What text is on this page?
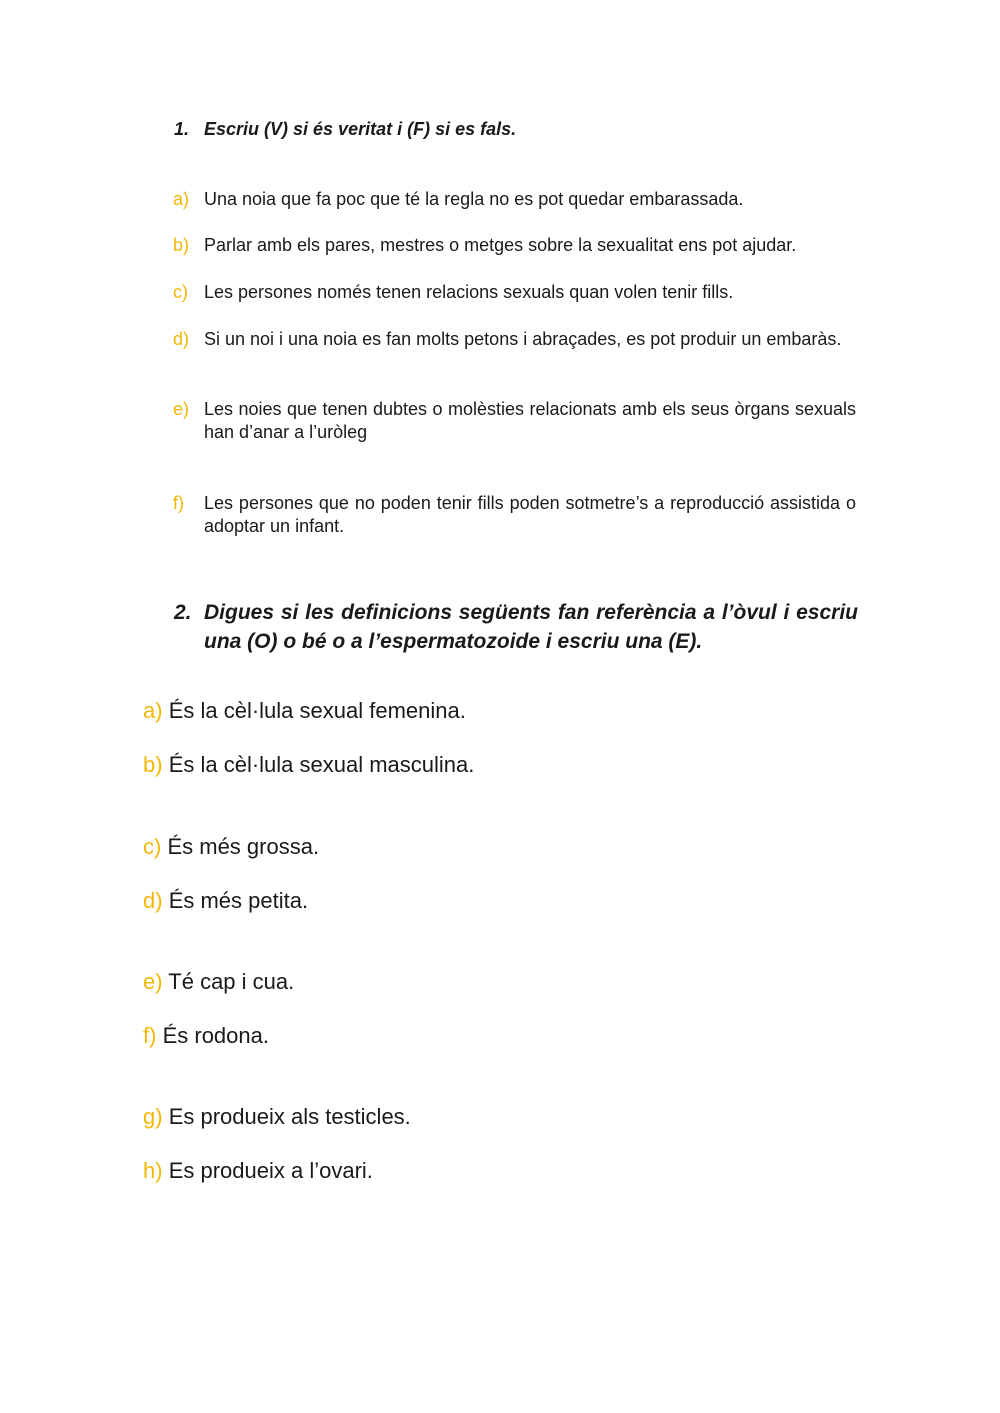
1. Escriu (V) si és veritat i (F) si es fals.
a) Una noia que fa poc que té la regla no es pot quedar embarassada.
b) Parlar amb els pares, mestres o metges sobre la sexualitat ens pot ajudar.
c) Les persones només tenen relacions sexuals quan volen tenir fills.
d) Si un noi i una noia es fan molts petons i abraçades, es pot produir un embaràs.
e) Les noies que tenen dubtes o molèsties relacionats amb els seus òrgans sexuals han d’anar a l’uròleg
f) Les persones que no poden tenir fills poden sotmetre’s a reproducció assistida o adoptar un infant.
2. Digues si les definicions següents fan referència a l’òvul i escriu una (O) o bé o a l’espermatozoide i escriu una (E).
a) És la cèl·lula sexual femenina.
b) És la cèl·lula sexual masculina.
c) És més grossa.
d) És més petita.
e) Té cap i cua.
f) És rodona.
g) Es produeix als testicles.
h) Es produeix a l’ovari.
